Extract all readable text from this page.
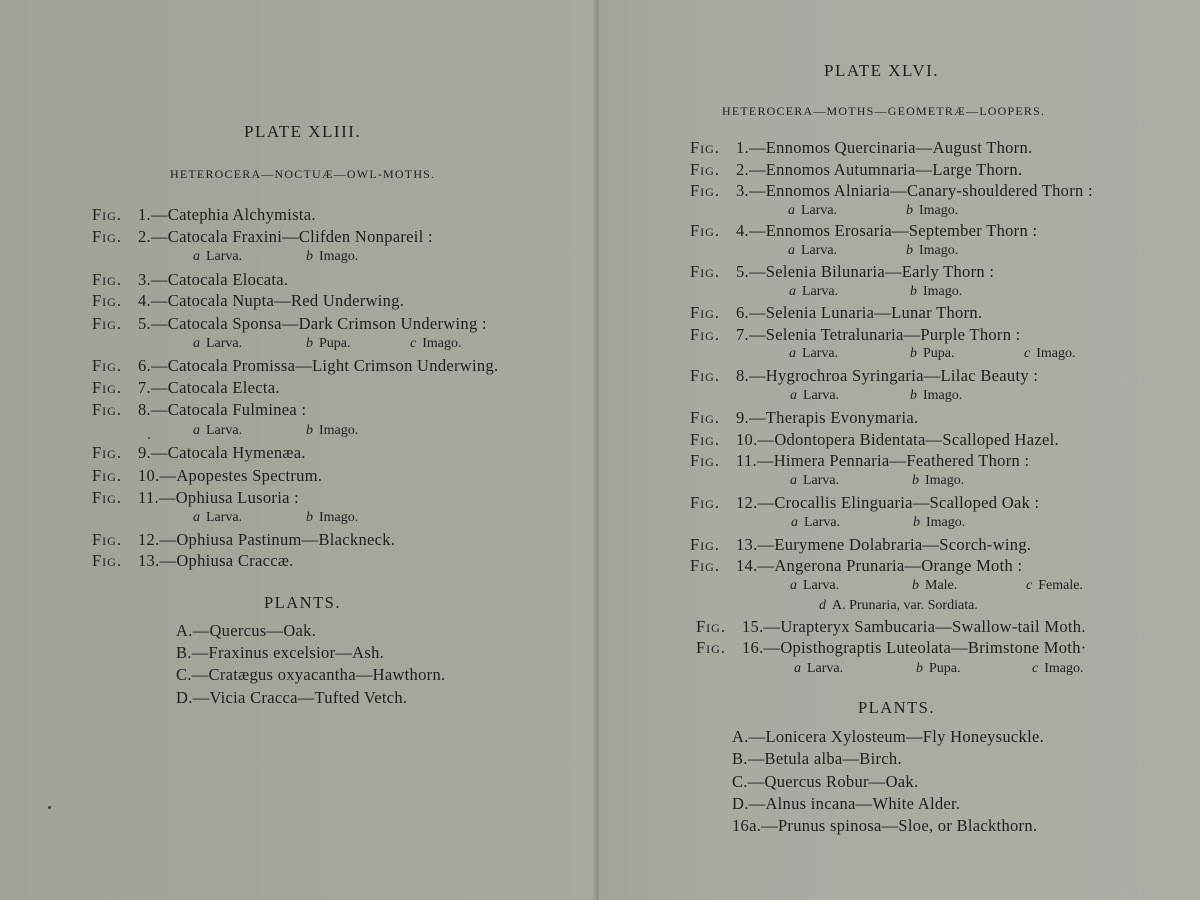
PLATE XLIII.
HETEROCERA—NOCTUÆ—OWL-MOTHS.
Fig. 1.—Catephia Alchymista.
Fig. 2.—Catocala Fraxini—Clifden Nonpareil :
a Larva.	b Imago.
Fig. 3.—Catocala Elocata.
Fig. 4.—Catocala Nupta—Red Underwing.
Fig. 5.—Catocala Sponsa—Dark Crimson Underwing :
a Larva.	b Pupa.	c Imago.
Fig. 6.—Catocala Promissa—Light Crimson Underwing.
Fig. 7.—Catocala Electa.
Fig. 8.—Catocala Fulminea :
a Larva.	b Imago.
Fig. 9.—Catocala Hymenæa.
Fig. 10.—Apopestes Spectrum.
Fig. 11.—Ophiusa Lusoria :
a Larva.	b Imago.
Fig. 12.—Ophiusa Pastinum—Blackneck.
Fig. 13.—Ophiusa Craccæ.
PLANTS.
A.—Quercus—Oak.
B.—Fraxinus excelsior—Ash.
C.—Cratægus oxyacantha—Hawthorn.
D.—Vicia Cracca—Tufted Vetch.
PLATE XLVI.
HETEROCERA—MOTHS—GEOMETRÆ—LOOPERS.
Fig. 1.—Ennomos Quercinaria—August Thorn.
Fig. 2.—Ennomos Autumnaria—Large Thorn.
Fig. 3.—Ennomos Alniaria—Canary-shouldered Thorn :
a Larva.	b Imago.
Fig. 4.—Ennomos Erosaria—September Thorn :
a Larva.	b Imago.
Fig. 5.—Selenia Bilunaria—Early Thorn :
a Larva.	b Imago.
Fig. 6.—Selenia Lunaria—Lunar Thorn.
Fig. 7.—Selenia Tetralunaria—Purple Thorn :
a Larva.	b Pupa.	c Imago.
Fig. 8.—Hygrochroa Syringaria—Lilac Beauty :
a Larva.	b Imago.
Fig. 9.—Therapis Evonymaria.
Fig. 10.—Odontopera Bidentata—Scalloped Hazel.
Fig. 11.—Himera Pennaria—Feathered Thorn :
a Larva.	b Imago.
Fig. 12.—Crocallis Elinguaria—Scalloped Oak :
a Larva.	b Imago.
Fig. 13.—Eurymene Dolabraria—Scorch-wing.
Fig. 14.—Angerona Prunaria—Orange Moth :
a Larva.	b Male.	c Female.
d A. Prunaria, var. Sordiata.
Fig. 15.—Urapteryx Sambucaria—Swallow-tail Moth.
Fig. 16.—Opisthograptis Luteolata—Brimstone Moth·
a Larva.	b Pupa.	c Imago.
PLANTS.
A.—Lonicera Xylosteum—Fly Honeysuckle.
B.—Betula alba—Birch.
C.—Quercus Robur—Oak.
D.—Alnus incana—White Alder.
16a.—Prunus spinosa—Sloe, or Blackthorn.
